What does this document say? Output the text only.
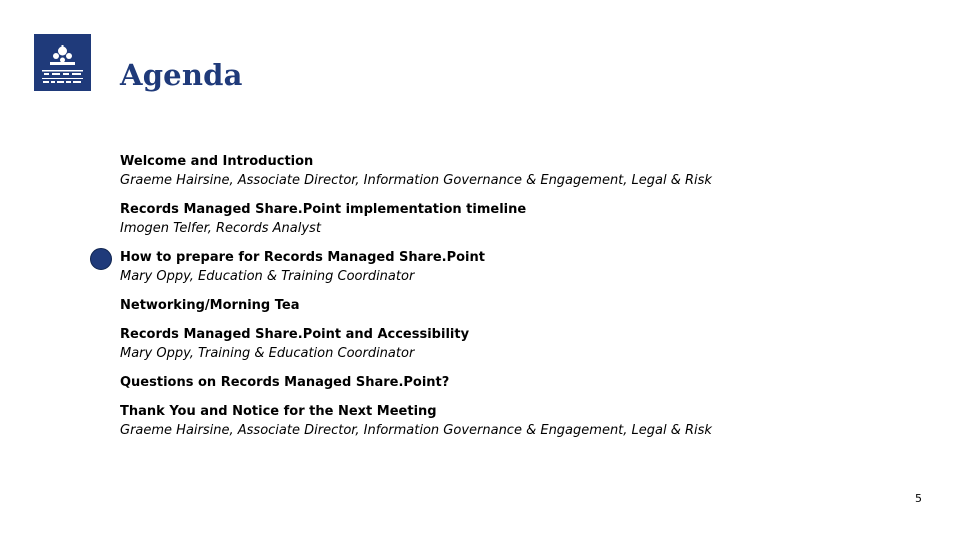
Agenda
Welcome and Introduction
Graeme Hairsine, Associate Director, Information Governance & Engagement, Legal & Risk
Records Managed Share.Point implementation timeline
Imogen Telfer, Records Analyst
How to prepare for Records Managed Share.Point
Mary Oppy, Education & Training Coordinator
Networking/Morning Tea
Records Managed Share.Point and Accessibility
Mary Oppy, Training & Education Coordinator
Questions on Records Managed Share.Point?
Thank You and Notice for the Next Meeting
Graeme Hairsine, Associate Director, Information Governance & Engagement, Legal & Risk
5
